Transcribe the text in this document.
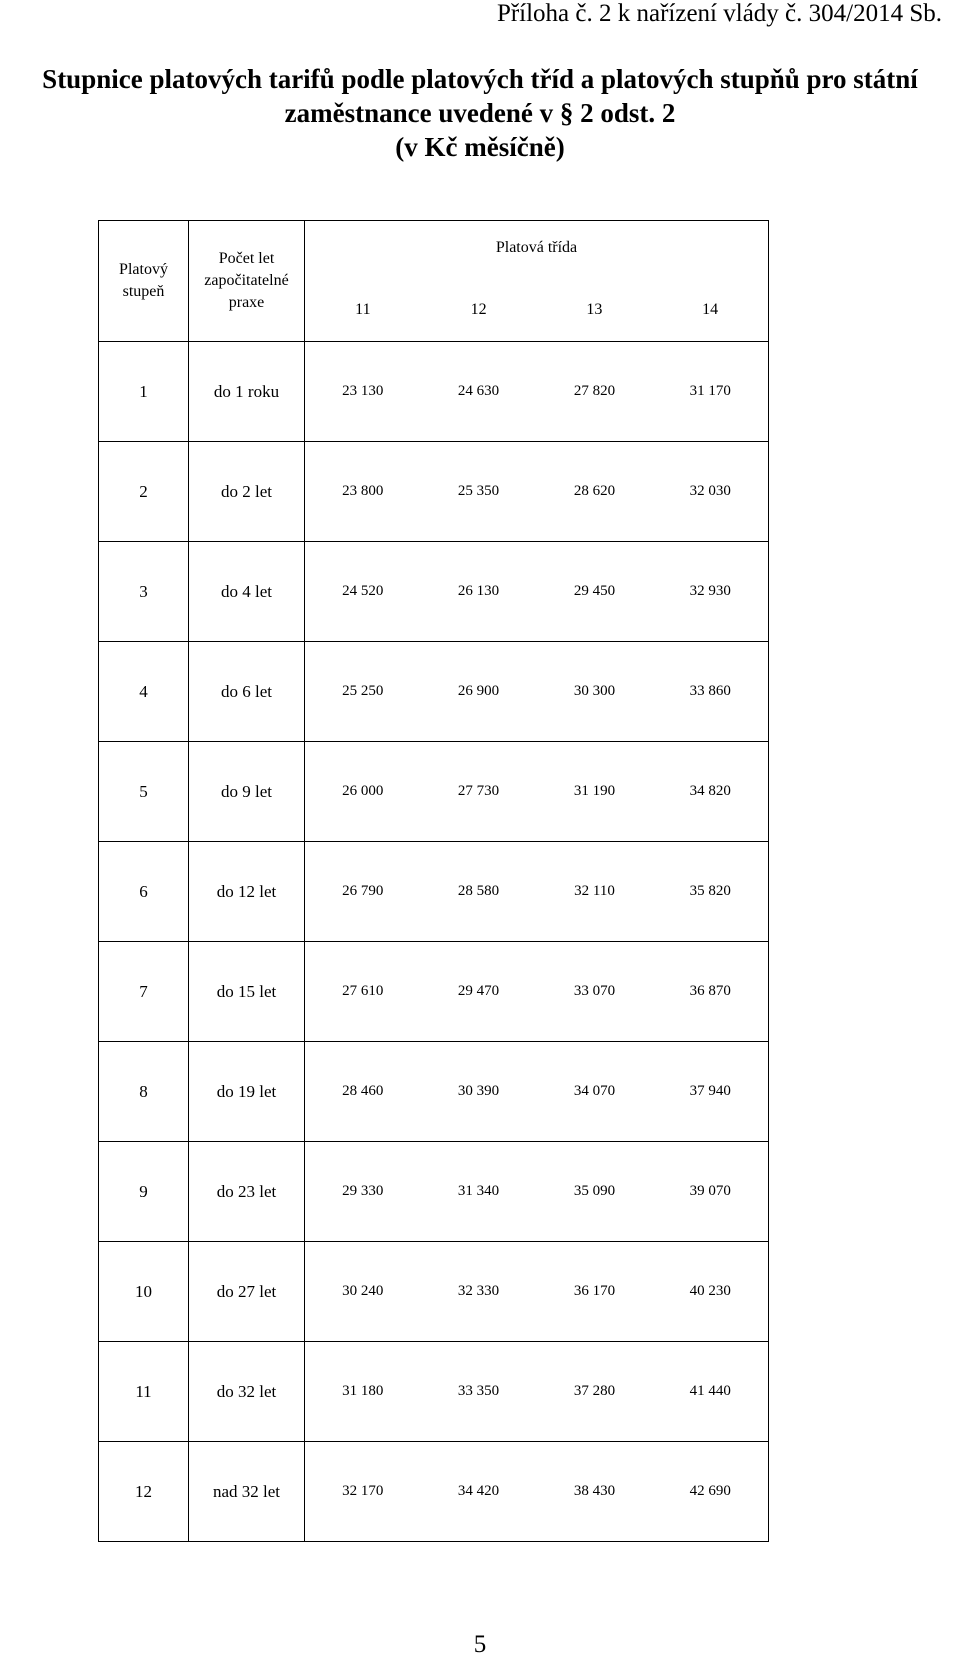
Příloha č. 2 k nařízení vlády č. 304/2014 Sb.
Stupnice platových tarifů podle platových tříd a platových stupňů pro státní
zaměstnance uvedené v § 2 odst. 2
(v Kč měsíčně)
Platový stupeň	Počet let započitatelné praxe	Platová třída
11 12 13 14			

1	do 1 roku	23 130	24 630	27 820	31 170
2	do 2 let	23 800	25 350	28 620	32 030
3	do 4 let	24 520	26 130	29 450	32 930
4	do 6 let	25 250	26 900	30 300	33 860
5	do 9 let	26 000	27 730	31 190	34 820
6	do 12 let	26 790	28 580	32 110	35 820
7	do 15 let	27 610	29 470	33 070	36 870
8	do 19 let	28 460	30 390	34 070	37 940
9	do 23 let	29 330	31 340	35 090	39 070
10	do 27 let	30 240	32 330	36 170	40 230
11	do 32 let	31 180	33 350	37 280	41 440
12	nad 32 let	32 170	34 420	38 430	42 690
5
